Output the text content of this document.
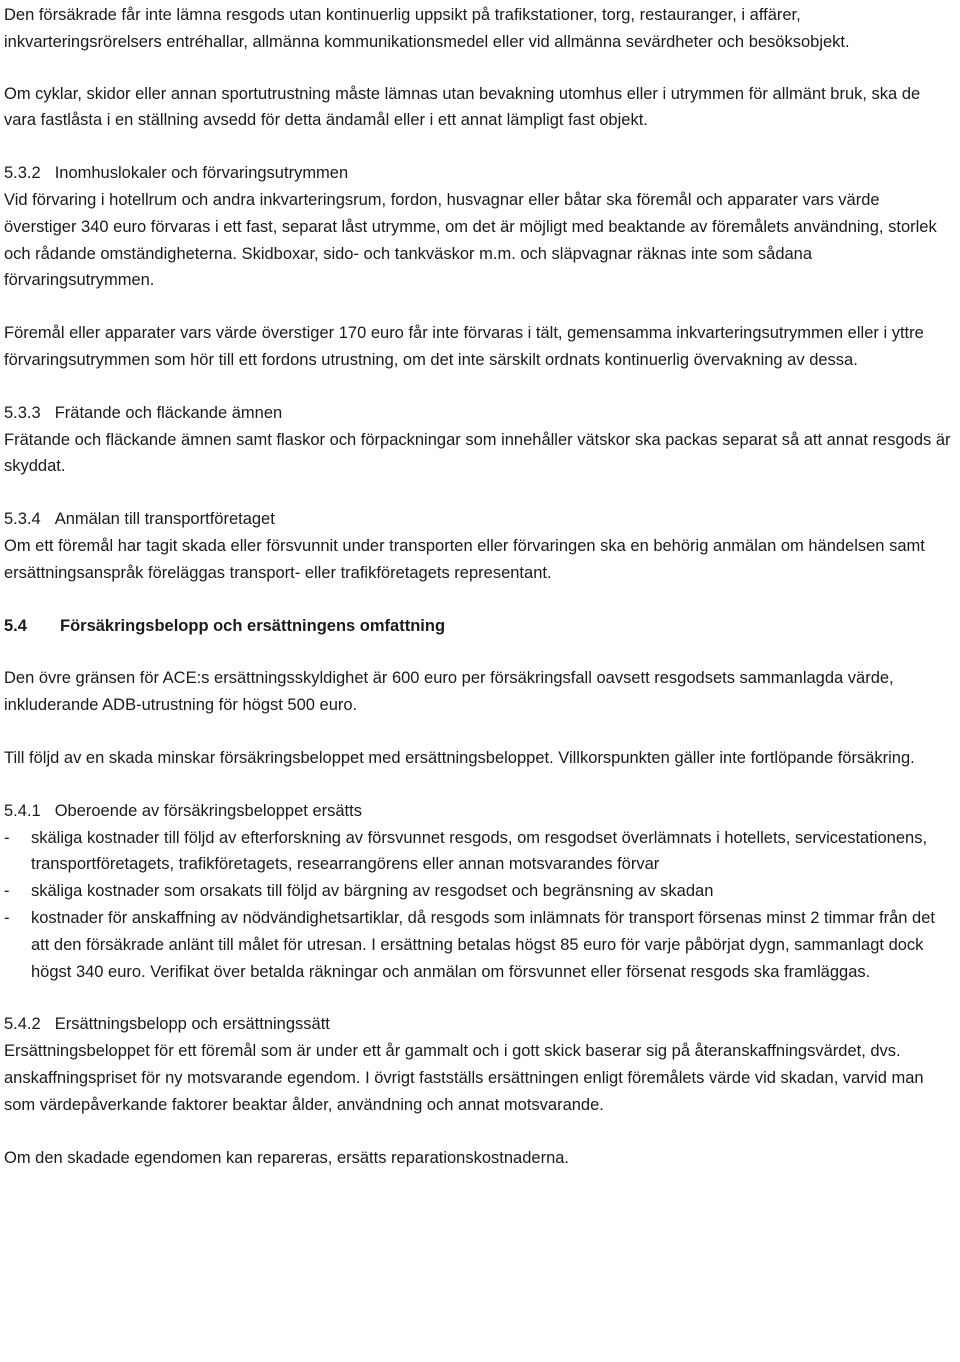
Den försäkrade får inte lämna resgods utan kontinuerlig uppsikt på trafikstationer, torg, restauranger, i affärer, inkvarteringsrörelsers entréhallar, allmänna kommunikationsmedel eller vid allmänna sevärdheter och besöksobjekt.

Om cyklar, skidor eller annan sportutrustning måste lämnas utan bevakning utomhus eller i utrymmen för allmänt bruk, ska de vara fastlåsta i en ställning avsedd för detta ändamål eller i ett annat lämpligt fast objekt.

5.3.2 Inomhuslokaler och förvaringsutrymmen

Vid förvaring i hotellrum och andra inkvarteringsrum, fordon, husvagnar eller båtar ska föremål och apparater vars värde överstiger 340 euro förvaras i ett fast, separat låst utrymme, om det är möjligt med beaktande av föremålets användning, storlek och rådande omständigheterna. Skidboxar, sido- och tankväskor m.m. och släpvagnar räknas inte som sådana förvaringsutrymmen.

Föremål eller apparater vars värde överstiger 170 euro får inte förvaras i tält, gemensamma inkvarteringsutrymmen eller i yttre förvaringsutrymmen som hör till ett fordons utrustning, om det inte särskilt ordnats kontinuerlig övervakning av dessa.

5.3.3 Frätande och fläckande ämnen

Frätande och fläckande ämnen samt flaskor och förpackningar som innehåller vätskor ska packas separat så att annat resgods är skyddat.

5.3.4 Anmälan till transportföretaget

Om ett föremål har tagit skada eller försvunnit under transporten eller förvaringen ska en behörig anmälan om händelsen samt ersättningsanspråk föreläggas transport- eller trafikföretagets representant.

5.4 Försäkringsbelopp och ersättningens omfattning

Den övre gränsen för ACE:s ersättningsskyldighet är 600 euro per försäkringsfall oavsett resgodsets sammanlagda värde, inkluderande ADB-utrustning för högst 500 euro.

Till följd av en skada minskar försäkringsbeloppet med ersättningsbeloppet. Villkorspunkten gäller inte fortlöpande försäkring.

5.4.1 Oberoende av försäkringsbeloppet ersätts

- skäliga kostnader till följd av efterforskning av försvunnet resgods, om resgodset överlämnats i hotellets, servicestationens, transportföretagets, trafikföretagets, researrangörens eller annan motsvarandes förvar
- skäliga kostnader som orsakats till följd av bärgning av resgodset och begränsning av skadan
- kostnader för anskaffning av nödvändighetsartiklar, då resgods som inlämnats för transport försenas minst 2 timmar från det att den försäkrade anlänt till målet för utresan. I ersättning betalas högst 85 euro för varje påbörjat dygn, sammanlagt dock högst 340 euro. Verifikat över betalda räkningar och anmälan om försvunnet eller försenat resgods ska framläggas.

5.4.2 Ersättningsbelopp och ersättningssätt

Ersättningsbeloppet för ett föremål som är under ett år gammalt och i gott skick baserar sig på återanskaffningsvärdet, dvs. anskaffningspriset för ny motsvarande egendom. I övrigt fastställs ersättningen enligt föremålets värde vid skadan, varvid man som värdepåverkande faktorer beaktar ålder, användning och annat motsvarande.

Om den skadade egendomen kan repareras, ersätts reparationskostnaderna.
